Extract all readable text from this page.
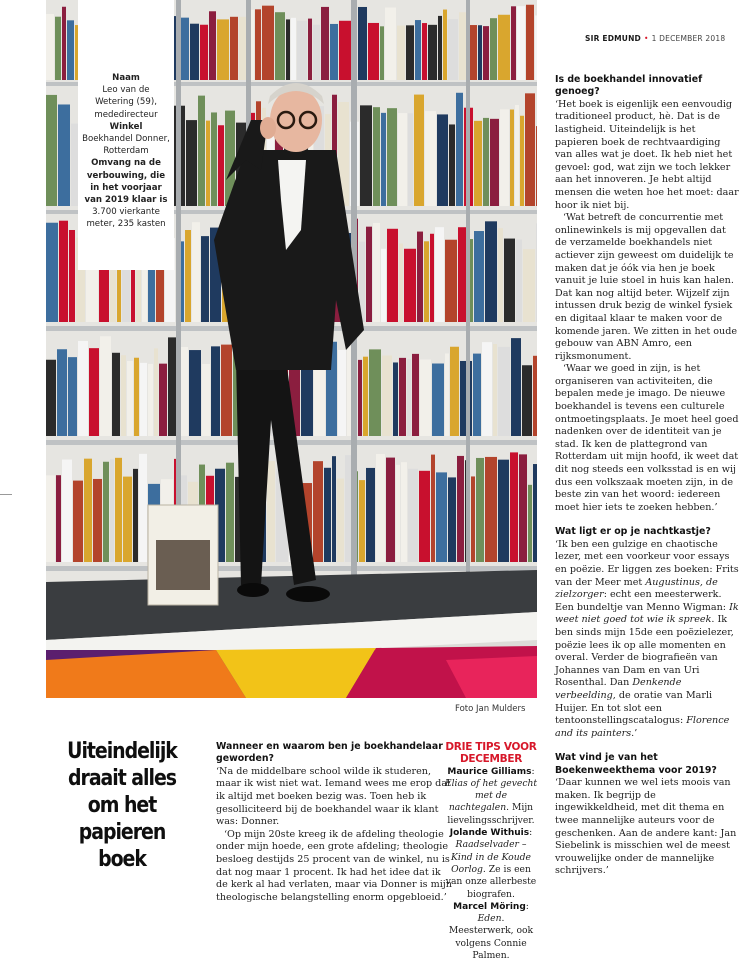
Naam
Leo van de Wetering (59), mededirecteur
Winkel
Boekhandel Donner, Rotterdam
Omvang na de verbouwing, die in het voorjaar van 2019 klaar is
3.700 vierkante meter, 235 kasten
Foto Jan Mulders
SIR EDMUND • 1 DECEMBER 2018
Is de boekhandel innovatief genoeg?

‘Het boek is eigenlijk een eenvoudig traditioneel product, hè. Dat is de lastigheid. Uiteindelijk is het papieren boek de rechtvaardiging van alles wat je doet. Ik heb niet het gevoel: god, wat zijn we toch lekker aan het innoveren. Je hebt altijd mensen die weten hoe het moet: daar hoor ik niet bij.

‘Wat betreft de concurrentie met onlinewinkels is mij opgevallen dat de verzamelde boekhandels niet actiever zijn geweest om duidelijk te maken dat je óók via hen je boek vanuit je luie stoel in huis kan halen. Dat kan nog altijd beter. Wijzelf zijn intussen druk bezig de winkel fysiek en digitaal klaar te maken voor de komende jaren. We zitten in het oude gebouw van ABN Amro, een rijksmonument.

‘Waar we goed in zijn, is het organiseren van activiteiten, die bepalen mede je imago. De nieuwe boekhandel is tevens een culturele ontmoetingsplaats. Je moet heel goed nadenken over de identiteit van je stad. Ik ken de plattegrond van Rotterdam uit mijn hoofd, ik weet dat dit nog steeds een volksstad is en wij dus een volkszaak moeten zijn, in de beste zin van het woord: iedereen moet hier iets te zoeken hebben.’

Wat ligt er op je nachtkastje?

‘Ik ben een gulzige en chaotische lezer, met een voorkeur voor essays en poëzie. Er liggen zes boeken: Frits van der Meer met Augustinus, de zielzorger: echt een meesterwerk. Een bundeltje van Menno Wigman: Ik weet niet goed tot wie ik spreek. Ik ben sinds mijn 15de een poëzielezer, poëzie lees ik op alle momenten en overal. Verder de biografieën van Johannes van Dam en van Uri Rosenthal. Dan Denkende verbeelding, de oratie van Marli Huijer. En tot slot een tentoonstellingscatalogus: Florence and its painters.’

Wat vind je van het Boekenweekthema voor 2019?

‘Daar kunnen we wel iets moois van maken. Ik begrijp de ingewikkeldheid, met dit thema en twee mannelijke auteurs voor de geschenken. Aan de andere kant: Jan Siebelink is misschien wel de meest vrouwelijke onder de mannelijke schrijvers.’

Uiteindelijk draait alles om het papieren boek
Wanneer en waarom ben je boekhandelaar geworden?

‘Na de middelbare school wilde ik studeren, maar ik wist niet wat. Iemand wees me erop dat ik altijd met boeken bezig was. Toen heb ik gesolliciteerd bij de boekhandel waar ik klant was: Donner.

‘Op mijn 20ste kreeg ik de afdeling theologie onder mijn hoede, een grote afdeling; theologie besloeg destijds 25 procent van de winkel, nu is dat nog maar 1 procent. Ik had het idee dat ik de kerk al had verlaten, maar via Donner is mijn theologische belangstelling enorm opgebloeid.’

DRIE TIPS VOOR DECEMBER
Maurice Gilliams: Elias of het gevecht met de nachtegalen. Mijn lievelingsschrijver.
Jolande Withuis: Raadselvader – Kind in de Koude Oorlog. Ze is een van onze allerbeste biografen.
Marcel Möring: Eden. Meesterwerk, ook volgens Connie Palmen.
